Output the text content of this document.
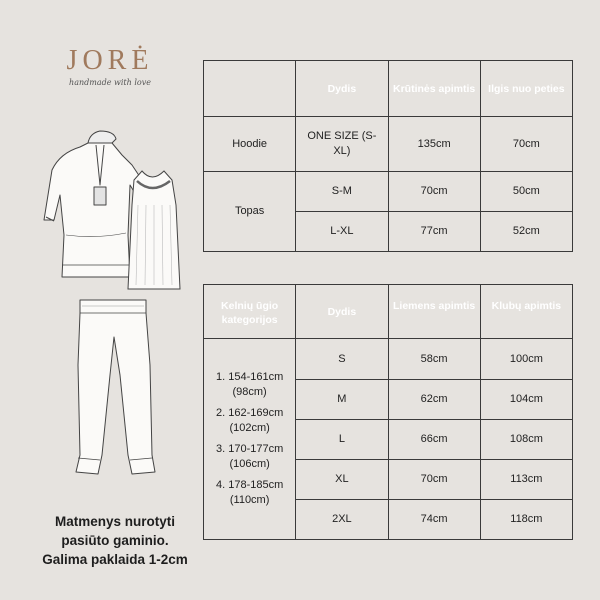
JORĖ
handmade with love
Matmenys nurotyti
pasiūto gaminio.
Galima paklaida 1-2cm
	Dydis	Krūtinės apimtis	Ilgis nuo peties
Hoodie	ONE SIZE (S-XL)	135cm	70cm
Topas	S-M	70cm	50cm
	L-XL	77cm	52cm
Kelnių ūgio kategorijos	Dydis	Liemens apimtis	Klubų apimtis

1. 154-161cm (98cm)
2. 162-169cm (102cm)
3. 170-177cm (106cm)
4. 178-185cm (110cm)	S	58cm	100cm
	M	62cm	104cm
	L	66cm	108cm
	XL	70cm	113cm
	2XL	74cm	118cm
